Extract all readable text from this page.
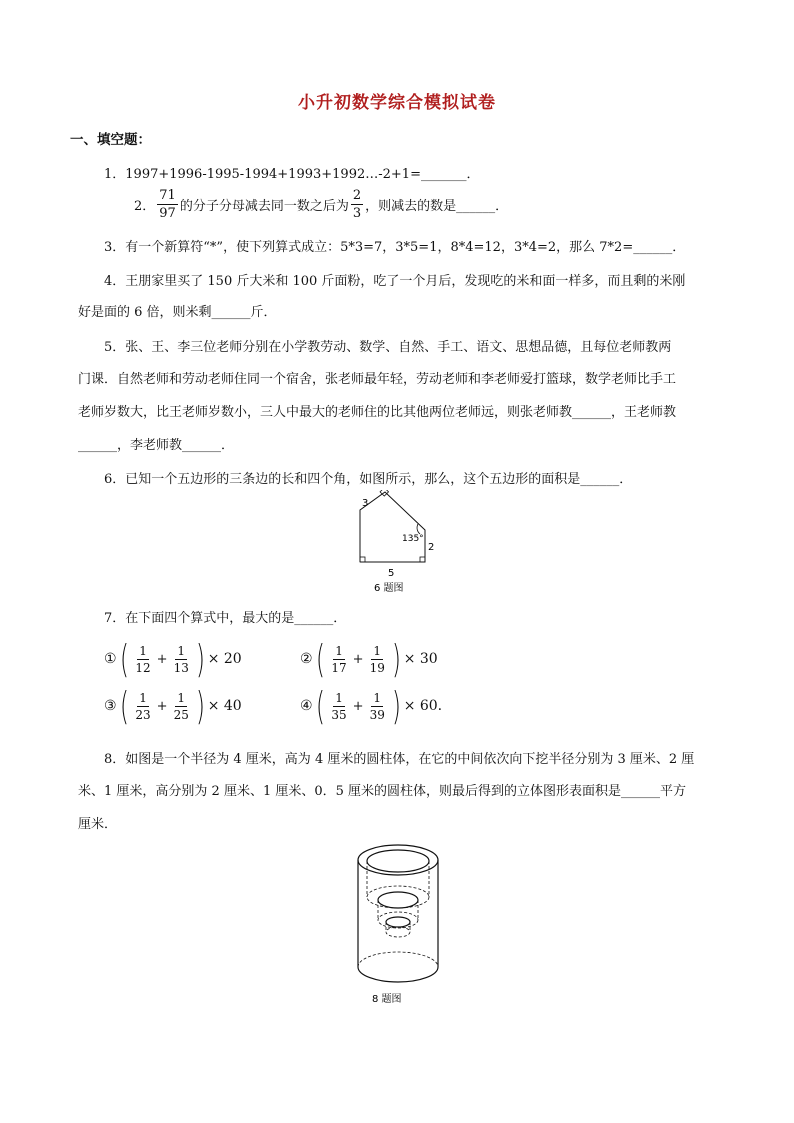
小升初数学综合模拟试卷
一、填空题：
1．1997+1996-1995-1994+1993+1992…-2+1=_______．
2． $\frac{71}{97}$ 的分子分母减去同一数之后为 $\frac{2}{3}$ ，则减去的数是______．
3．有一个新算符“*”，使下列算式成立：5*3=7，3*5=1，8*4=12，3*4=2，那么 7*2=______．
4．王朋家里买了 150 斤大米和 100 斤面粉，吃了一个月后，发现吃的米和面一样多，而且剩的米刚
好是面的 6 倍，则米剩______斤．
5．张、王、李三位老师分别在小学教劳动、数学、自然、手工、语文、思想品德，且每位老师教两
门课．自然老师和劳动老师住同一个宿舍，张老师最年轻，劳动老师和李老师爱打篮球，数学老师比手工
老师岁数大，比王老师岁数小，三人中最大的老师住的比其他两位老师远，则张老师教______，王老师教
______，李老师教______．
6．已知一个五边形的三条边的长和四个角，如图所示，那么，这个五边形的面积是______．
3
135°
2
5
6 题图
7．在下面四个算式中，最大的是______．
① ( $\frac{1}{12} + \frac{1}{13}$ ) × 20	② ( $\frac{1}{17} + \frac{1}{19}$ ) × 30
③ ( $\frac{1}{23} + \frac{1}{25}$ ) × 40	④ ( $\frac{1}{35} + \frac{1}{39}$ ) × 60.
8．如图是一个半径为 4 厘米，高为 4 厘米的圆柱体，在它的中间依次向下挖半径分别为 3 厘米、2 厘
米、1 厘米，高分别为 2 厘米、1 厘米、0．5 厘米的圆柱体，则最后得到的立体图形表面积是______平方
厘米．
8 题图
